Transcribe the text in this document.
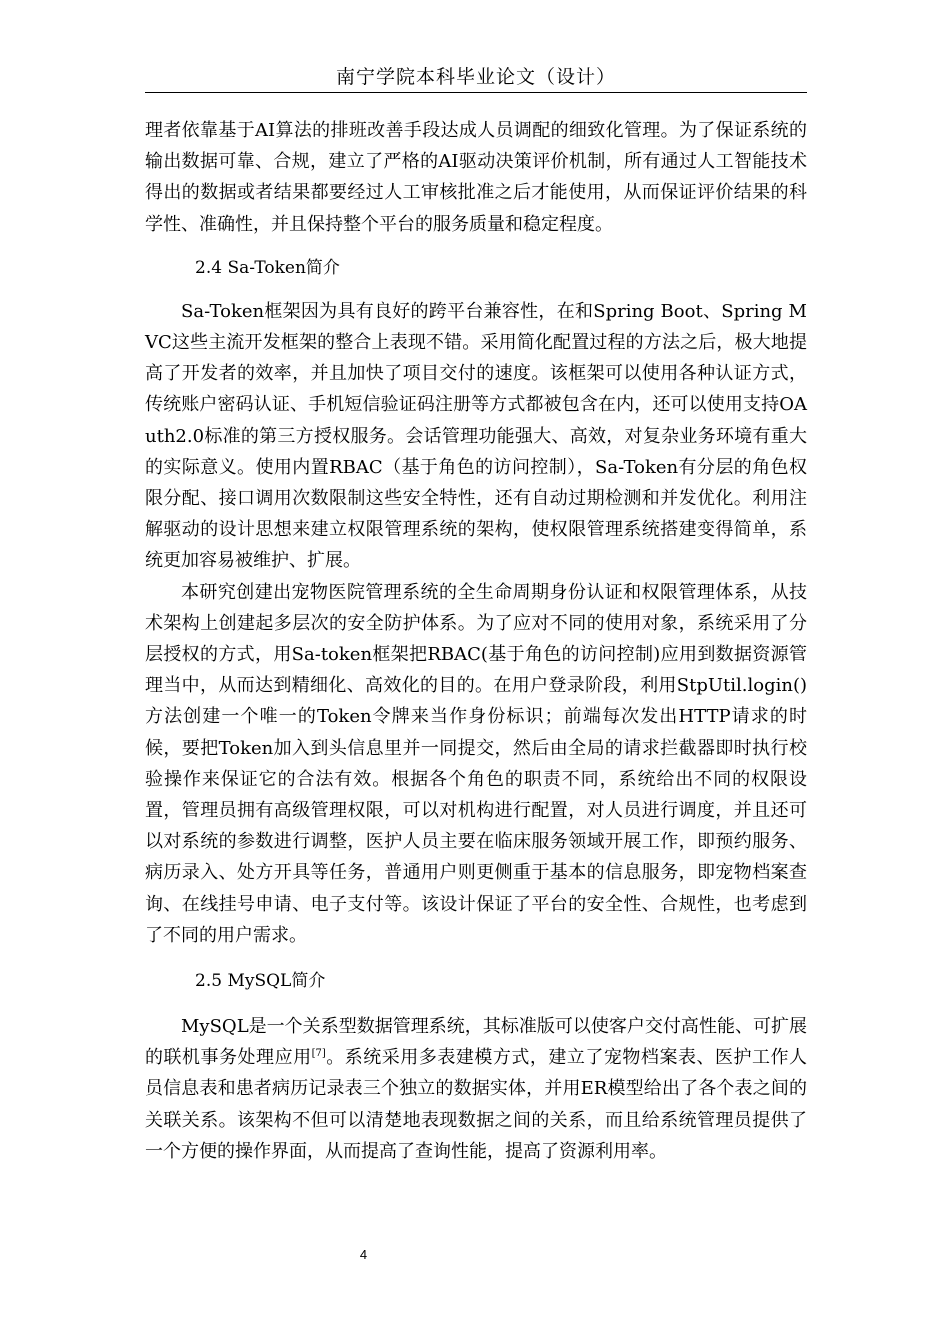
南宁学院本科毕业论文（设计）

理者依靠基于AI算法的排班改善手段达成人员调配的细致化管理。为了保证系统的输出数据可靠、合规，建立了严格的AI驱动决策评价机制，所有通过人工智能技术得出的数据或者结果都要经过人工审核批准之后才能使用，从而保证评价结果的科学性、准确性，并且保持整个平台的服务质量和稳定程度。

2.4 Sa-Token简介

Sa-Token框架因为具有良好的跨平台兼容性，在和Spring Boot、Spring MVC这些主流开发框架的整合上表现不错。采用简化配置过程的方法之后，极大地提高了开发者的效率，并且加快了项目交付的速度。该框架可以使用各种认证方式，传统账户密码认证、手机短信验证码注册等方式都被包含在内，还可以使用支持OAuth2.0标准的第三方授权服务。会话管理功能强大、高效，对复杂业务环境有重大的实际意义。使用内置RBAC（基于角色的访问控制），Sa-Token有分层的角色权限分配、接口调用次数限制这些安全特性，还有自动过期检测和并发优化。利用注解驱动的设计思想来建立权限管理系统的架构，使权限管理系统搭建变得简单，系统更加容易被维护、扩展。

本研究创建出宠物医院管理系统的全生命周期身份认证和权限管理体系，从技术架构上创建起多层次的安全防护体系。为了应对不同的使用对象，系统采用了分层授权的方式，用Sa-token框架把RBAC(基于角色的访问控制)应用到数据资源管理当中，从而达到精细化、高效化的目的。在用户登录阶段，利用StpUtil.login()方法创建一个唯一的Token令牌来当作身份标识；前端每次发出HTTP请求的时候，要把Token加入到头信息里并一同提交，然后由全局的请求拦截器即时执行校验操作来保证它的合法有效。根据各个角色的职责不同，系统给出不同的权限设置，管理员拥有高级管理权限，可以对机构进行配置，对人员进行调度，并且还可以对系统的参数进行调整，医护人员主要在临床服务领域开展工作，即预约服务、病历录入、处方开具等任务，普通用户则更侧重于基本的信息服务，即宠物档案查询、在线挂号申请、电子支付等。该设计保证了平台的安全性、合规性，也考虑到了不同的用户需求。

2.5 MySQL简介

MySQL是一个关系型数据管理系统，其标准版可以使客户交付高性能、可扩展的联机事务处理应用[7]。系统采用多表建模方式，建立了宠物档案表、医护工作人员信息表和患者病历记录表三个独立的数据实体，并用ER模型给出了各个表之间的关联关系。该架构不但可以清楚地表现数据之间的关系，而且给系统管理员提供了一个方便的操作界面，从而提高了查询性能，提高了资源利用率。

4
